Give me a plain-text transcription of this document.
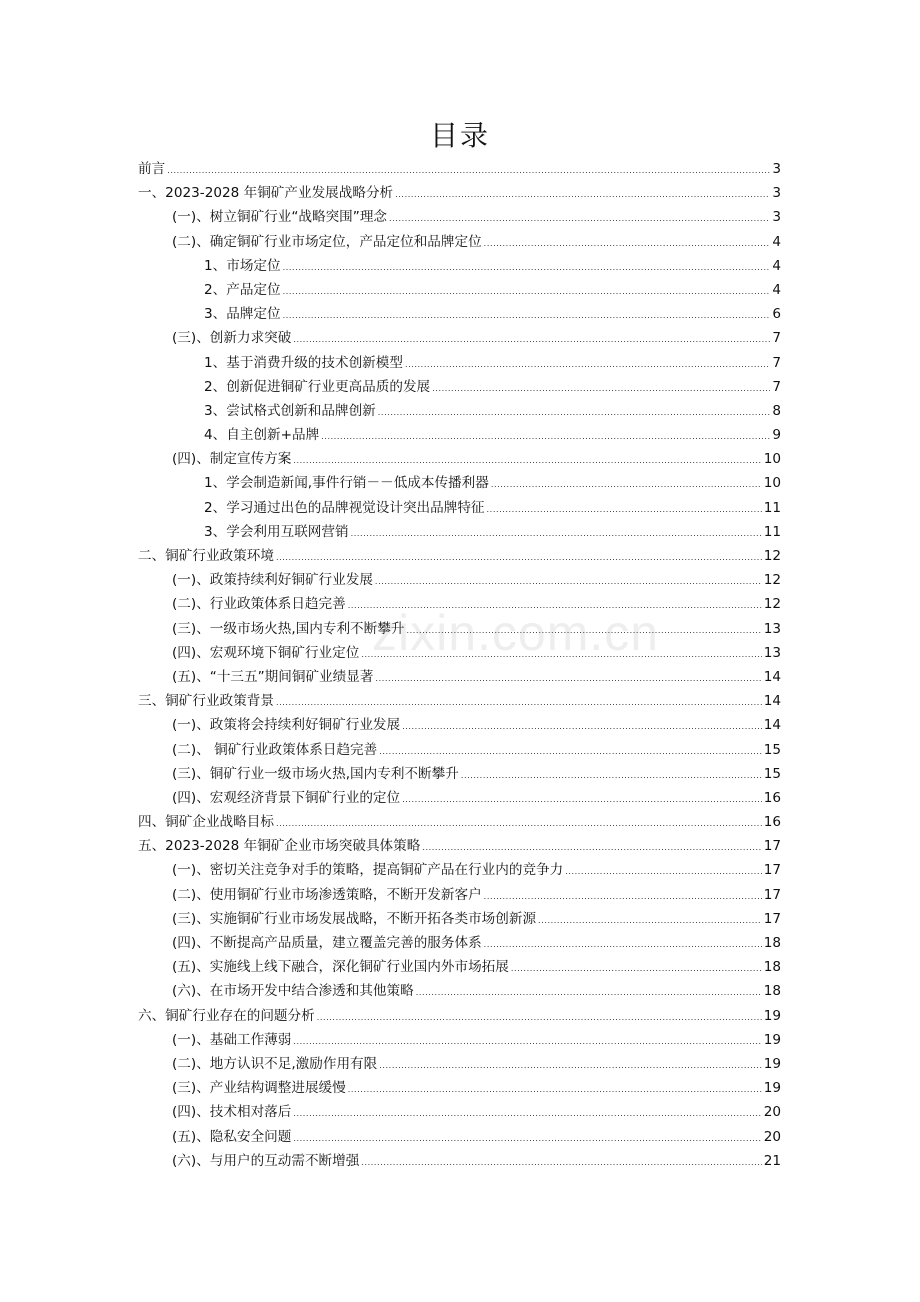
目录
zixin.com.cn
前言 .....	3
一、2023-2028 年铜矿产业发展战略分析 .....	3
(一)、树立铜矿行业“战略突围”理念 .....	3
(二)、确定铜矿行业市场定位，产品定位和品牌定位 .....	4
1、市场定位 .....	4
2、产品定位 .....	4
3、品牌定位 .....	6
(三)、创新力求突破 .....	7
1、基于消费升级的技术创新模型 .....	7
2、创新促进铜矿行业更高品质的发展 .....	7
3、尝试格式创新和品牌创新 .....	8
4、自主创新+品牌 .....	9
(四)、制定宣传方案 .....	10
1、学会制造新闻,事件行销－－低成本传播利器 .....	10
2、学习通过出色的品牌视觉设计突出品牌特征 .....	11
3、学会利用互联网营销 .....	11
二、铜矿行业政策环境 .....	12
(一)、政策持续利好铜矿行业发展 .....	12
(二)、行业政策体系日趋完善 .....	12
(三)、一级市场火热,国内专利不断攀升 .....	13
(四)、宏观环境下铜矿行业定位 .....	13
(五)、“十三五”期间铜矿业绩显著 .....	14
三、铜矿行业政策背景 .....	14
(一)、政策将会持续利好铜矿行业发展 .....	14
(二)、 铜矿行业政策体系日趋完善 .....	15
(三)、铜矿行业一级市场火热,国内专利不断攀升 .....	15
(四)、宏观经济背景下铜矿行业的定位 .....	16
四、铜矿企业战略目标 .....	16
五、2023-2028 年铜矿企业市场突破具体策略 .....	17
(一)、密切关注竞争对手的策略，提高铜矿产品在行业内的竞争力 .....	17
(二)、使用铜矿行业市场渗透策略，不断开发新客户 .....	17
(三)、实施铜矿行业市场发展战略，不断开拓各类市场创新源 .....	17
(四)、不断提高产品质量，建立覆盖完善的服务体系 .....	18
(五)、实施线上线下融合，深化铜矿行业国内外市场拓展 .....	18
(六)、在市场开发中结合渗透和其他策略 .....	18
六、铜矿行业存在的问题分析 .....	19
(一)、基础工作薄弱 .....	19
(二)、地方认识不足,激励作用有限 .....	19
(三)、产业结构调整进展缓慢 .....	19
(四)、技术相对落后 .....	20
(五)、隐私安全问题 .....	20
(六)、与用户的互动需不断增强 .....	21
